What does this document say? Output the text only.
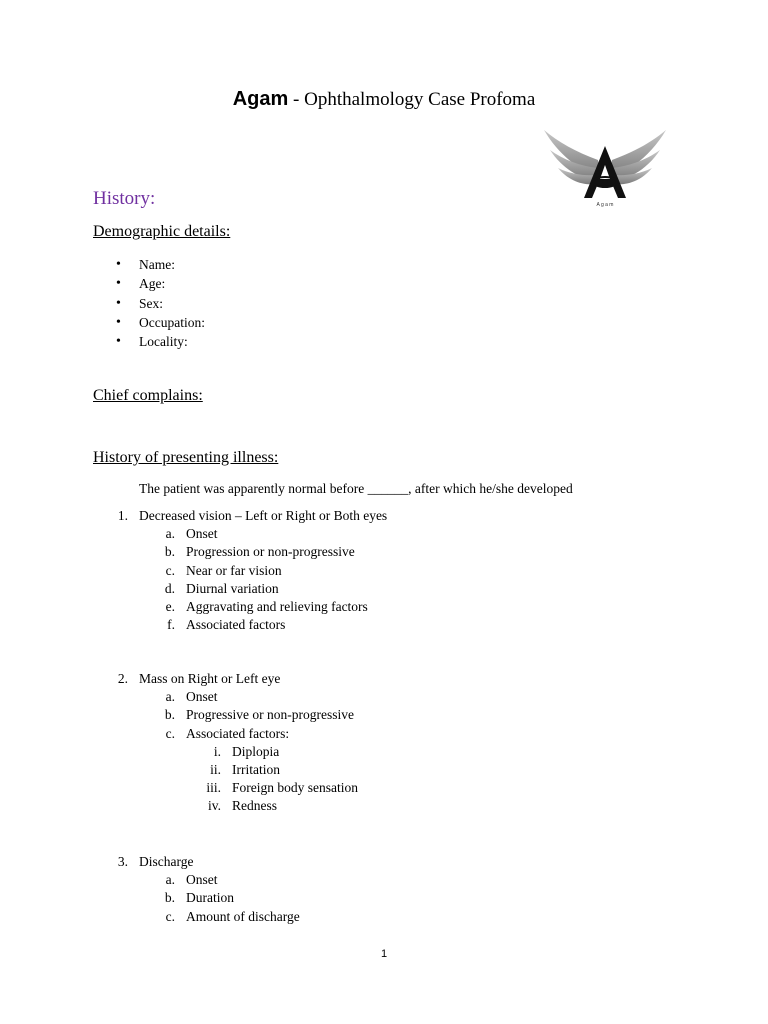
Agam - Ophthalmology Case Profoma
A g a m
History:
Demographic details:
• Name:
• Age:
• Sex:
• Occupation:
• Locality:
Chief complains:
History of presenting illness:
The patient was apparently normal before ______, after which he/she developed
1. Decreased vision – Left or Right or Both eyes
a. Onset
b. Progression or non-progressive
c. Near or far vision
d. Diurnal variation
e. Aggravating and relieving factors
f. Associated factors
2. Mass on Right or Left eye
a. Onset
b. Progressive or non-progressive
c. Associated factors:
i. Diplopia
ii. Irritation
iii. Foreign body sensation
iv. Redness
3. Discharge
a. Onset
b. Duration
c. Amount of discharge
1
